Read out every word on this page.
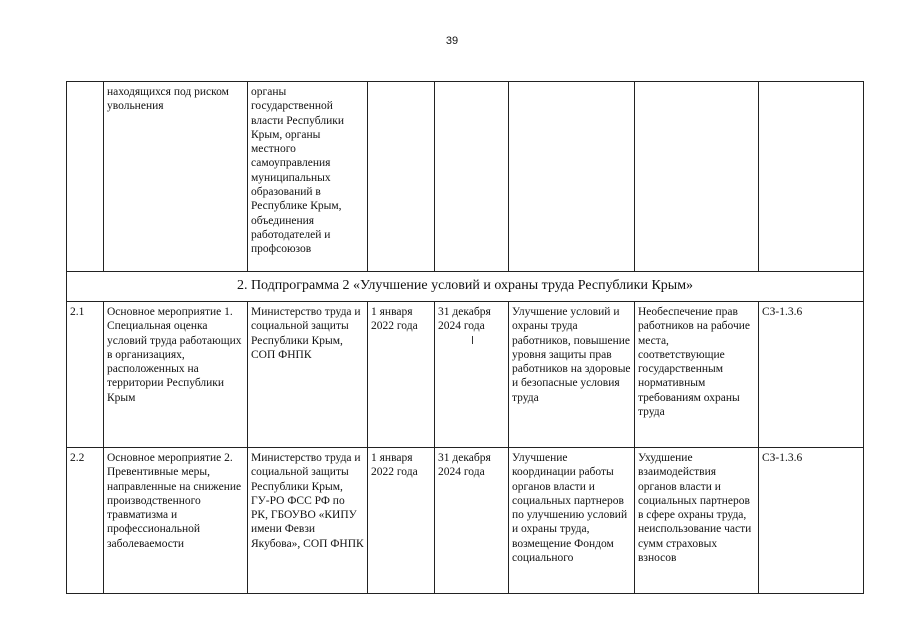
39
	находящихся под риском увольнения	органы государственной власти Республики Крым, органы местного самоуправления муниципальных образований в Республике Крым, объединения работодателей и профсоюзов					
2. Подпрограмма 2 «Улучшение условий и охраны труда Республики Крым»							
2.1	Основное мероприятие 1. Специальная оценка условий труда работающих в организациях, расположенных на территории Республики Крым	Министерство труда и социальной защиты Республики Крым, СОП ФНПК	1 января 2022 года	31 декабря 2024 года	Улучшение условий и охраны труда работников, повышение уровня защиты прав работников на здоровые и безопасные условия труда	Необеспечение прав работников на рабочие места, соответствующие государственным нормативным требованиям охраны труда	СЗ-1.3.6
2.2	Основное мероприятие 2. Превентивные меры, направленные на снижение производственного травматизма и профессиональной заболеваемости	Министерство труда и социальной защиты Республики Крым, ГУ-РО ФСС РФ по РК, ГБОУВО «КИПУ имени Февзи Якубова», СОП ФНПК	1 января 2022 года	31 декабря 2024 года	Улучшение координации работы органов власти и социальных партнеров по улучшению условий и охраны труда, возмещение Фондом социального	Ухудшение взаимодействия органов власти и социальных партнеров в сфере охраны труда, неиспользование части сумм страховых взносов	СЗ-1.3.6
